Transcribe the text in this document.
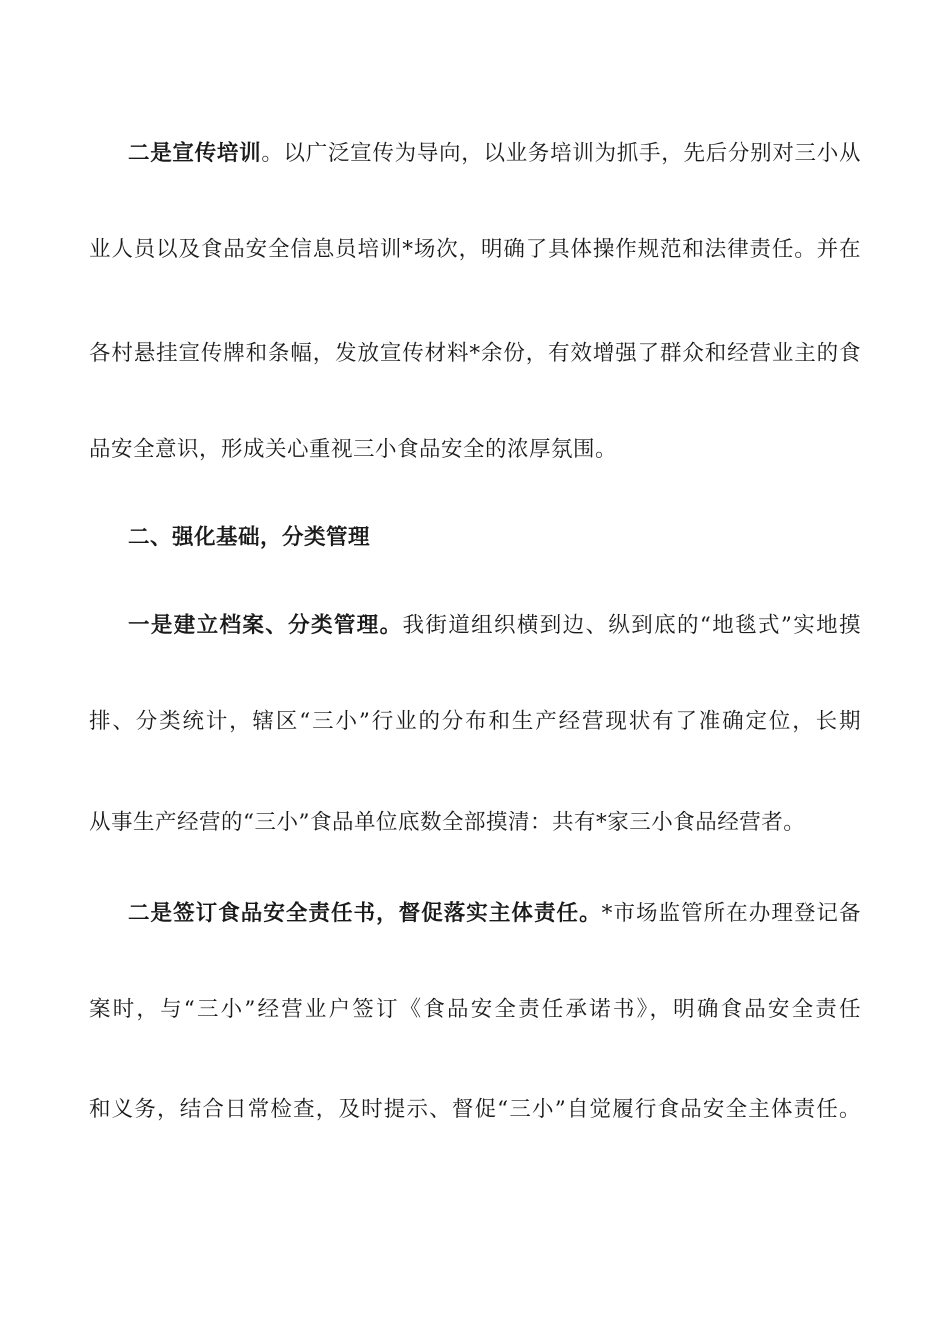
二是宣传培训。以广泛宣传为导向，以业务培训为抓手，先后分别对三小从
业人员以及食品安全信息员培训*场次，明确了具体操作规范和法律责任。并在
各村悬挂宣传牌和条幅，发放宣传材料*余份，有效增强了群众和经营业主的食
品安全意识，形成关心重视三小食品安全的浓厚氛围。
二、强化基础，分类管理
一是建立档案、分类管理。我街道组织横到边、纵到底的“地毯式”实地摸
排、分类统计，辖区“三小”行业的分布和生产经营现状有了准确定位，长期
从事生产经营的“三小”食品单位底数全部摸清：共有*家三小食品经营者。
二是签订食品安全责任书，督促落实主体责任。*市场监管所在办理登记备
案时，与“三小”经营业户签订《食品安全责任承诺书》，明确食品安全责任
和义务，结合日常检查，及时提示、督促“三小”自觉履行食品安全主体责任。
